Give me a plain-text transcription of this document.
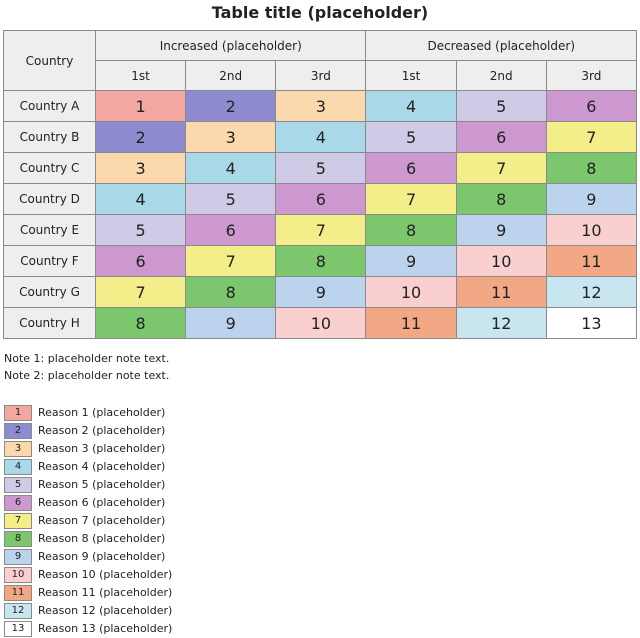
Table title (placeholder)
Country	Increased (placeholder)			Decreased (placeholder)		
	1st	2nd	3rd	1st	2nd	3rd
Country A	1	2	3	4	5	6
Country B	2	3	4	5	6	7
Country C	3	4	5	6	7	8
Country D	4	5	6	7	8	9
Country E	5	6	7	8	9	10
Country F	6	7	8	9	10	11
Country G	7	8	9	10	11	12
Country H	8	9	10	11	12	13
Note 1: placeholder note text.
Note 2: placeholder note text.
1	Reason 1 (placeholder)
2	Reason 2 (placeholder)
3	Reason 3 (placeholder)
4	Reason 4 (placeholder)
5	Reason 5 (placeholder)
6	Reason 6 (placeholder)
7	Reason 7 (placeholder)
8	Reason 8 (placeholder)
9	Reason 9 (placeholder)
10	Reason 10 (placeholder)
11	Reason 11 (placeholder)
12	Reason 12 (placeholder)
13	Reason 13 (placeholder)
